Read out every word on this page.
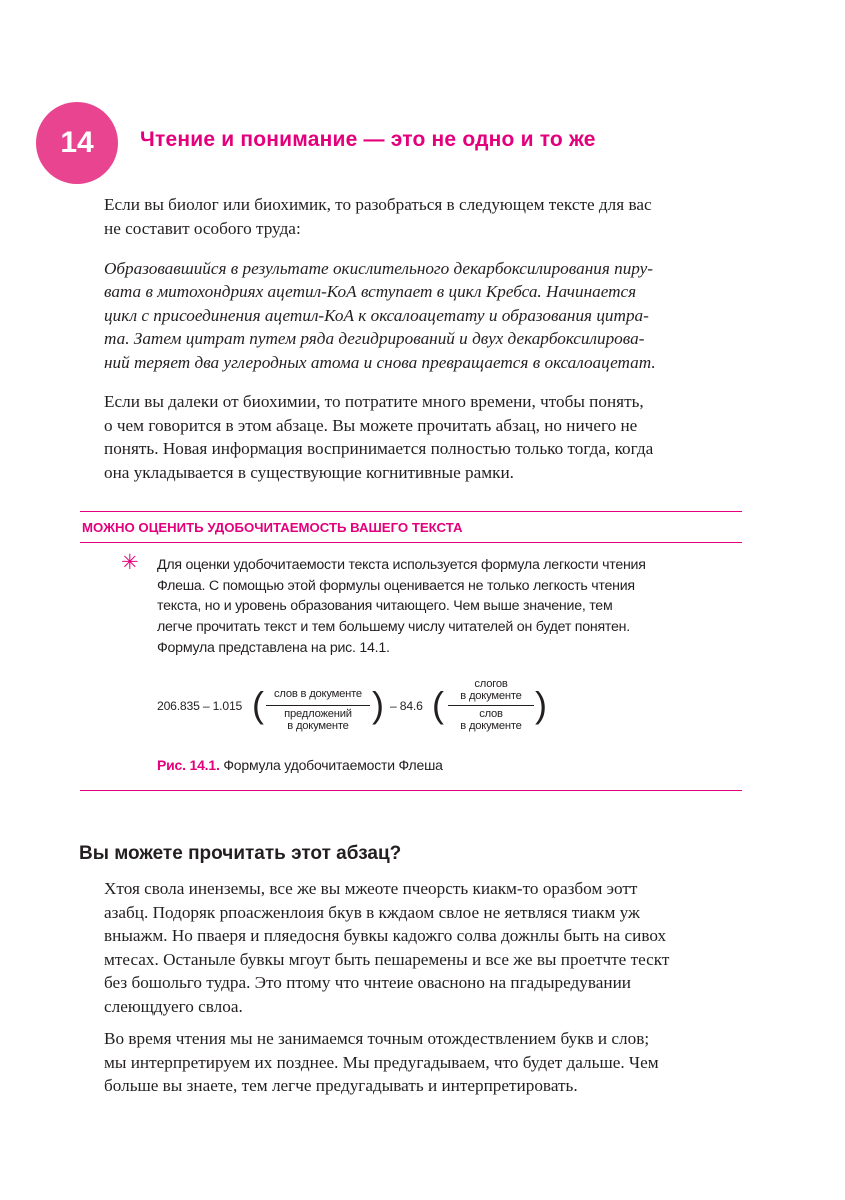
14	Чтение и понимание — это не одно и то же

Если вы биолог или биохимик, то разобраться в следующем тексте для вас
не составит особого труда:

Образовавшийся в результате окислительного декарбоксилирования пиру-
вата в митохондриях ацетил-КоА вступает в цикл Кребса. Начинается
цикл с присоединения ацетил-КоА к оксалоацетату и образования цитра-
та. Затем цитрат путем ряда дегидрирований и двух декарбоксилирова-
ний теряет два углеродных атома и снова превращается в оксалоацетат.

Если вы далеки от биохимии, то потратите много времени, чтобы понять,
о чем говорится в этом абзаце. Вы можете прочитать абзац, но ничего не
понять. Новая информация воспринимается полностью только тогда, когда
она укладывается в существующие когнитивные рамки.

МОЖНО ОЦЕНИТЬ УДОБОЧИТАЕМОСТЬ ВАШЕГО ТЕКСТА
✳ Для оценки удобочитаемости текста используется формула легкости чтения
Флеша. С помощью этой формулы оценивается не только легкость чтения
текста, но и уровень образования читающего. Чем выше значение, тем
легче прочитать текст и тем большему числу читателей он будет понятен.
Формула представлена на рис. 14.1.

206.835 – 1.015 ( слов в документе
предложений
в документе
) – 84.6 (	слогов
в документе
слов
в документе
)

Рис. 14.1. Формула удобочитаемости Флеша

Вы можете прочитать этот абзац?

Хтоя свола иненземы, все же вы мжеоте пчеорсть киакм-то оразбом эотт
азабц. Подоряк рпоасженлоия бкув в кждаом свлое не яетвляся тиакм уж
вныажм. Но пваеря и пляедосня бувкы кадожго солва дожнлы быть на сивох
мтесах. Останыле бувкы мгоут быть пешаремены и все же вы проетчте тескт
без бошольго тудра. Это птому что чнтеие овасноно на пгадыредувании
слеющдуего свлоа.

Во время чтения мы не занимаемся точным отождествлением букв и слов;
мы интерпретируем их позднее. Мы предугадываем, что будет дальше. Чем
больше вы знаете, тем легче предугадывать и интерпретировать.
